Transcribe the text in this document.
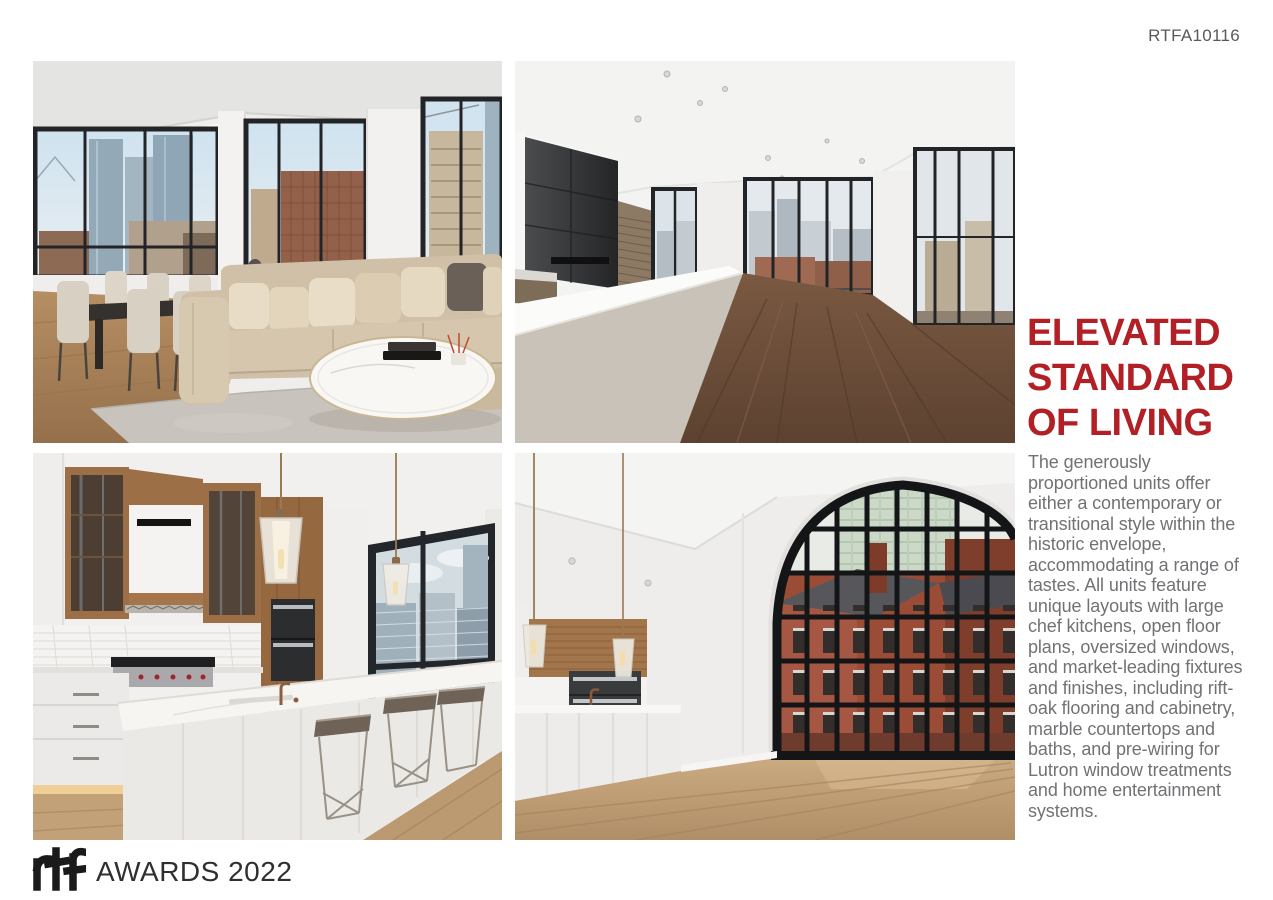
RTFA10116
ELEVATED
STANDARD
OF LIVING
The generously proportioned units offer either a contemporary or transitional style within the historic envelope, accommodating a range of tastes. All units feature unique layouts with large chef kitchens, open floor plans, oversized windows, and market-leading fixtures and finishes, including rift-oak flooring and cabinetry, marble countertops and baths, and pre-wiring for Lutron window treatments and home entertainment systems.
AWARDS 2022
